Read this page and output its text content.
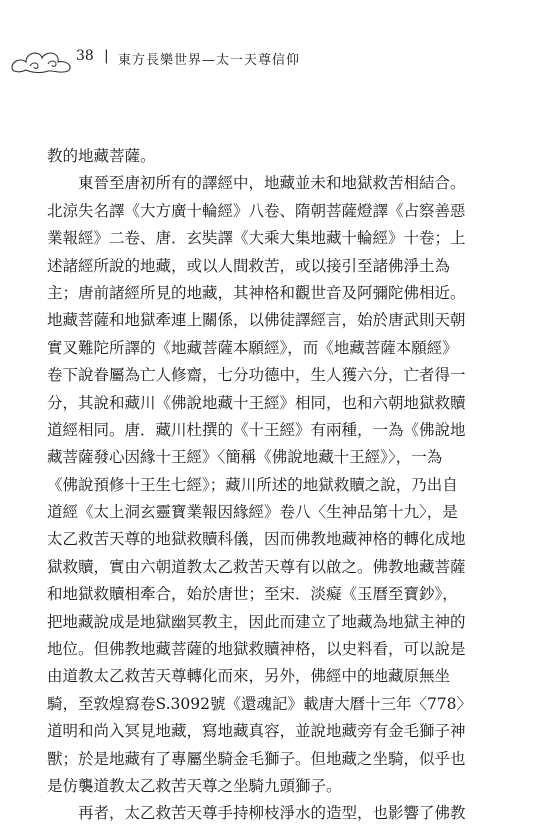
38 | 東方長樂世界—太一天尊信仰
教的地藏菩薩。
東晉至唐初所有的譯經中，地藏並未和地獄救苦相結合。
北涼失名譯《大方廣十輪經》八卷、隋朝菩薩燈譯《占察善惡
業報經》二卷、唐．玄奘譯《大乘大集地藏十輪經》十卷；上
述諸經所說的地藏，或以人間救苦，或以接引至諸佛淨土為
主；唐前諸經所見的地藏，其神格和觀世音及阿彌陀佛相近。
地藏菩薩和地獄牽連上關係，以佛徒譯經言，始於唐武則天朝
實叉難陀所譯的《地藏菩薩本願經》，而《地藏菩薩本願經》
卷下說眷屬為亡人修齋，七分功德中，生人獲六分，亡者得一
分，其說和藏川《佛說地藏十王經》相同，也和六朝地獄救贖
道經相同。唐．藏川杜撰的《十王經》有兩種，一為《佛說地
藏菩薩發心因緣十王經》〈簡稱《佛說地藏十王經》〉，一為
《佛說預修十王生七經》；藏川所述的地獄救贖之說，乃出自
道經《太上洞玄靈寶業報因緣經》卷八〈生神品第十九〉，是
太乙救苦天尊的地獄救贖科儀，因而佛教地藏神格的轉化成地
獄救贖，實由六朝道教太乙救苦天尊有以啟之。佛教地藏菩薩
和地獄救贖相牽合，始於唐世；至宋．淡癡《玉曆至寶鈔》，
把地藏說成是地獄幽冥教主，因此而建立了地藏為地獄主神的
地位。但佛教地藏菩薩的地獄救贖神格，以史料看，可以說是
由道教太乙救苦天尊轉化而來，另外，佛經中的地藏原無坐
騎，至敦煌寫卷S.3092號《還魂記》載唐大曆十三年〈778〉
道明和尚入冥見地藏，寫地藏真容，並說地藏旁有金毛獅子神
獸；於是地藏有了專屬坐騎金毛獅子。但地藏之坐騎，似乎也
是仿襲道教太乙救苦天尊之坐騎九頭獅子。
再者，太乙救苦天尊手持柳枝淨水的造型，也影響了佛教
